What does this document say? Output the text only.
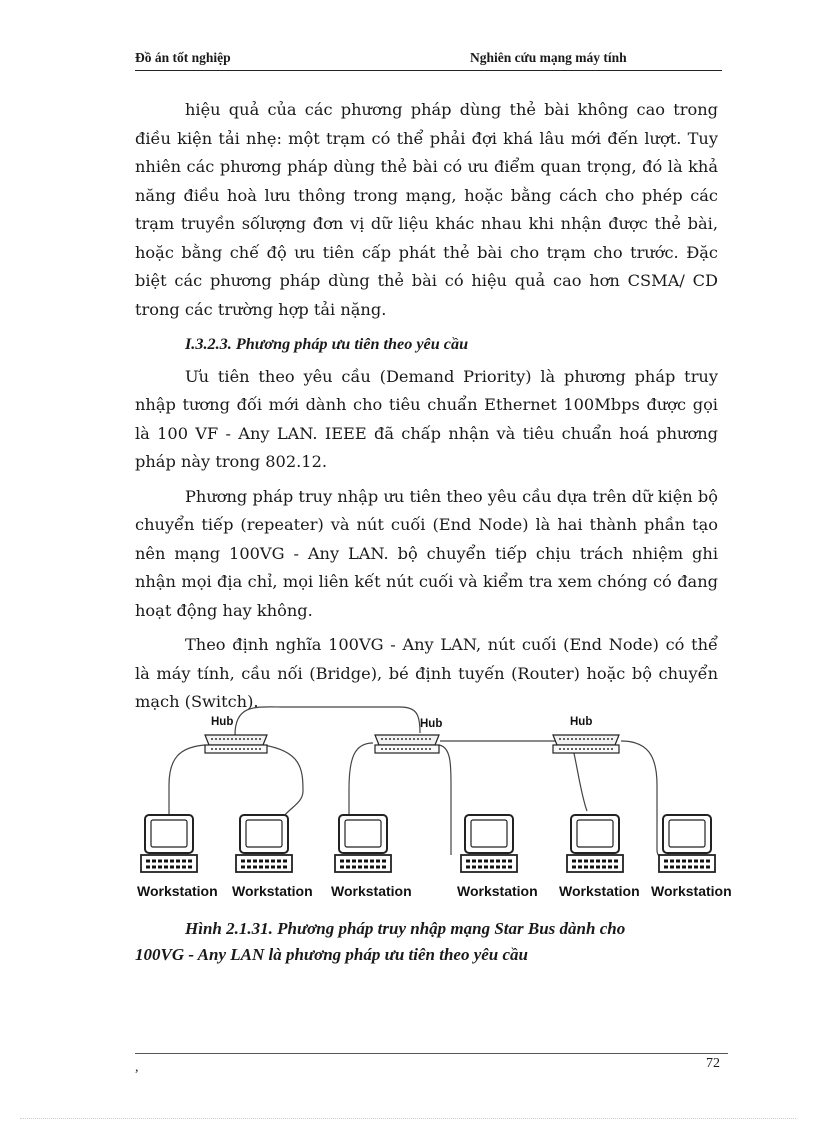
Đồ án tốt nghiệp	Nghiên cứu mạng máy tính

hiệu quả của các phương pháp dùng thẻ bài không cao trong điều kiện tải nhẹ: một trạm có thể phải đợi khá lâu mới đến lượt. Tuy nhiên các phương pháp dùng thẻ bài có ưu điểm quan trọng, đó là khả năng điều hoà lưu thông trong mạng, hoặc bằng cách cho phép các trạm truyền sốlượng đơn vị dữ liệu khác nhau khi nhận được thẻ bài, hoặc bằng chế độ ưu tiên cấp phát thẻ bài cho trạm cho trước. Đặc biệt các phương pháp dùng thẻ bài có hiệu quả cao hơn CSMA/ CD trong các trường hợp tải nặng.

I.3.2.3. Phương pháp ưu tiên theo yêu cầu

Ưu tiên theo yêu cầu (Demand Priority) là phương pháp truy nhập tương đối mới dành cho tiêu chuẩn Ethernet 100Mbps được gọi là 100 VF - Any LAN. IEEE đã chấp nhận và tiêu chuẩn hoá phương pháp này trong 802.12.

Phương pháp truy nhập ưu tiên theo yêu cầu dựa trên dữ kiện bộ chuyển tiếp (repeater) và nút cuối (End Node) là hai thành phần tạo nên mạng 100VG - Any LAN. bộ chuyển tiếp chịu trách nhiệm ghi nhận mọi địa chỉ, mọi liên kết nút cuối và kiểm tra xem chóng có đang hoạt động hay không.

Theo định nghĩa 100VG - Any LAN, nút cuối (End Node) có thể là máy tính, cầu nối (Bridge), bé định tuyến (Router) hoặc bộ chuyển mạch (Switch).

Hub	Hub	Hub
Workstation Workstation Workstation	Workstation Workstation Workstation
Hình 2.1.31. Phương pháp truy nhập mạng Star Bus dành cho
100VG - Any LAN là phương pháp ưu tiên theo yêu cầu
,	72
